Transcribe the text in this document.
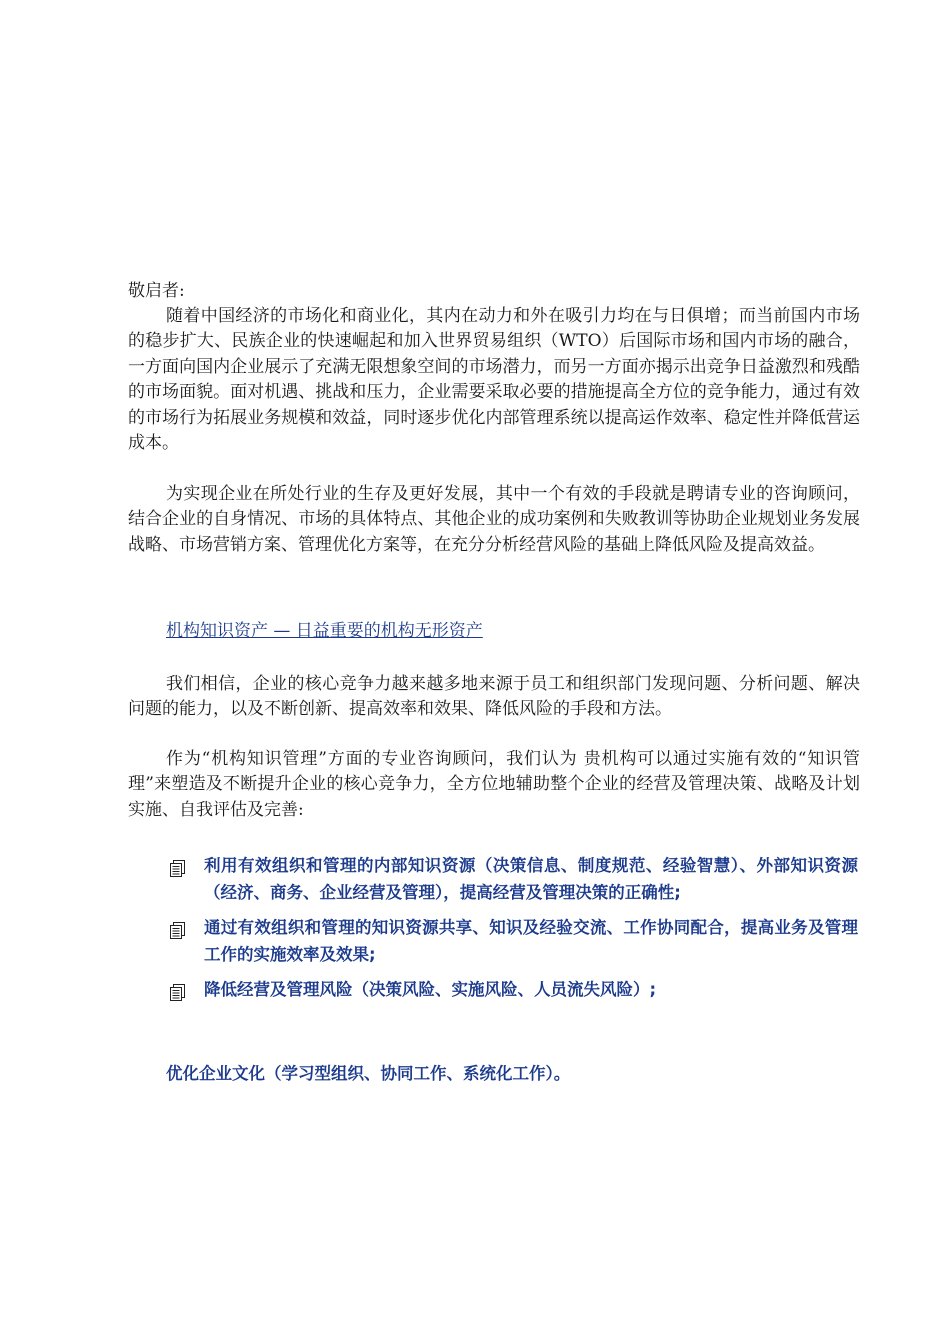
敬启者:
随着中国经济的市场化和商业化，其内在动力和外在吸引力均在与日俱增；而当前国内市场的稳步扩大、民族企业的快速崛起和加入世界贸易组织（WTO）后国际市场和国内市场的融合，一方面向国内企业展示了充满无限想象空间的市场潜力，而另一方面亦揭示出竞争日益激烈和残酷的市场面貌。面对机遇、挑战和压力，企业需要采取必要的措施提高全方位的竞争能力，通过有效的市场行为拓展业务规模和效益，同时逐步优化内部管理系统以提高运作效率、稳定性并降低营运成本。
为实现企业在所处行业的生存及更好发展，其中一个有效的手段就是聘请专业的咨询顾问，结合企业的自身情况、市场的具体特点、其他企业的成功案例和失败教训等协助企业规划业务发展战略、市场营销方案、管理优化方案等，在充分分析经营风险的基础上降低风险及提高效益。
机构知识资产 — 日益重要的机构无形资产
我们相信，企业的核心竞争力越来越多地来源于员工和组织部门发现问题、分析问题、解决问题的能力，以及不断创新、提高效率和效果、降低风险的手段和方法。
作为“机构知识管理”方面的专业咨询顾问，我们认为 贵机构可以通过实施有效的“知识管理”来塑造及不断提升企业的核心竞争力，全方位地辅助整个企业的经营及管理决策、战略及计划实施、自我评估及完善:
利用有效组织和管理的内部知识资源（决策信息、制度规范、经验智慧）、外部知识资源（经济、商务、企业经营及管理），提高经营及管理决策的正确性;
通过有效组织和管理的知识资源共享、知识及经验交流、工作协同配合，提高业务及管理工作的实施效率及效果;
降低经营及管理风险（决策风险、实施风险、人员流失风险）;
优化企业文化（学习型组织、协同工作、系统化工作）。
